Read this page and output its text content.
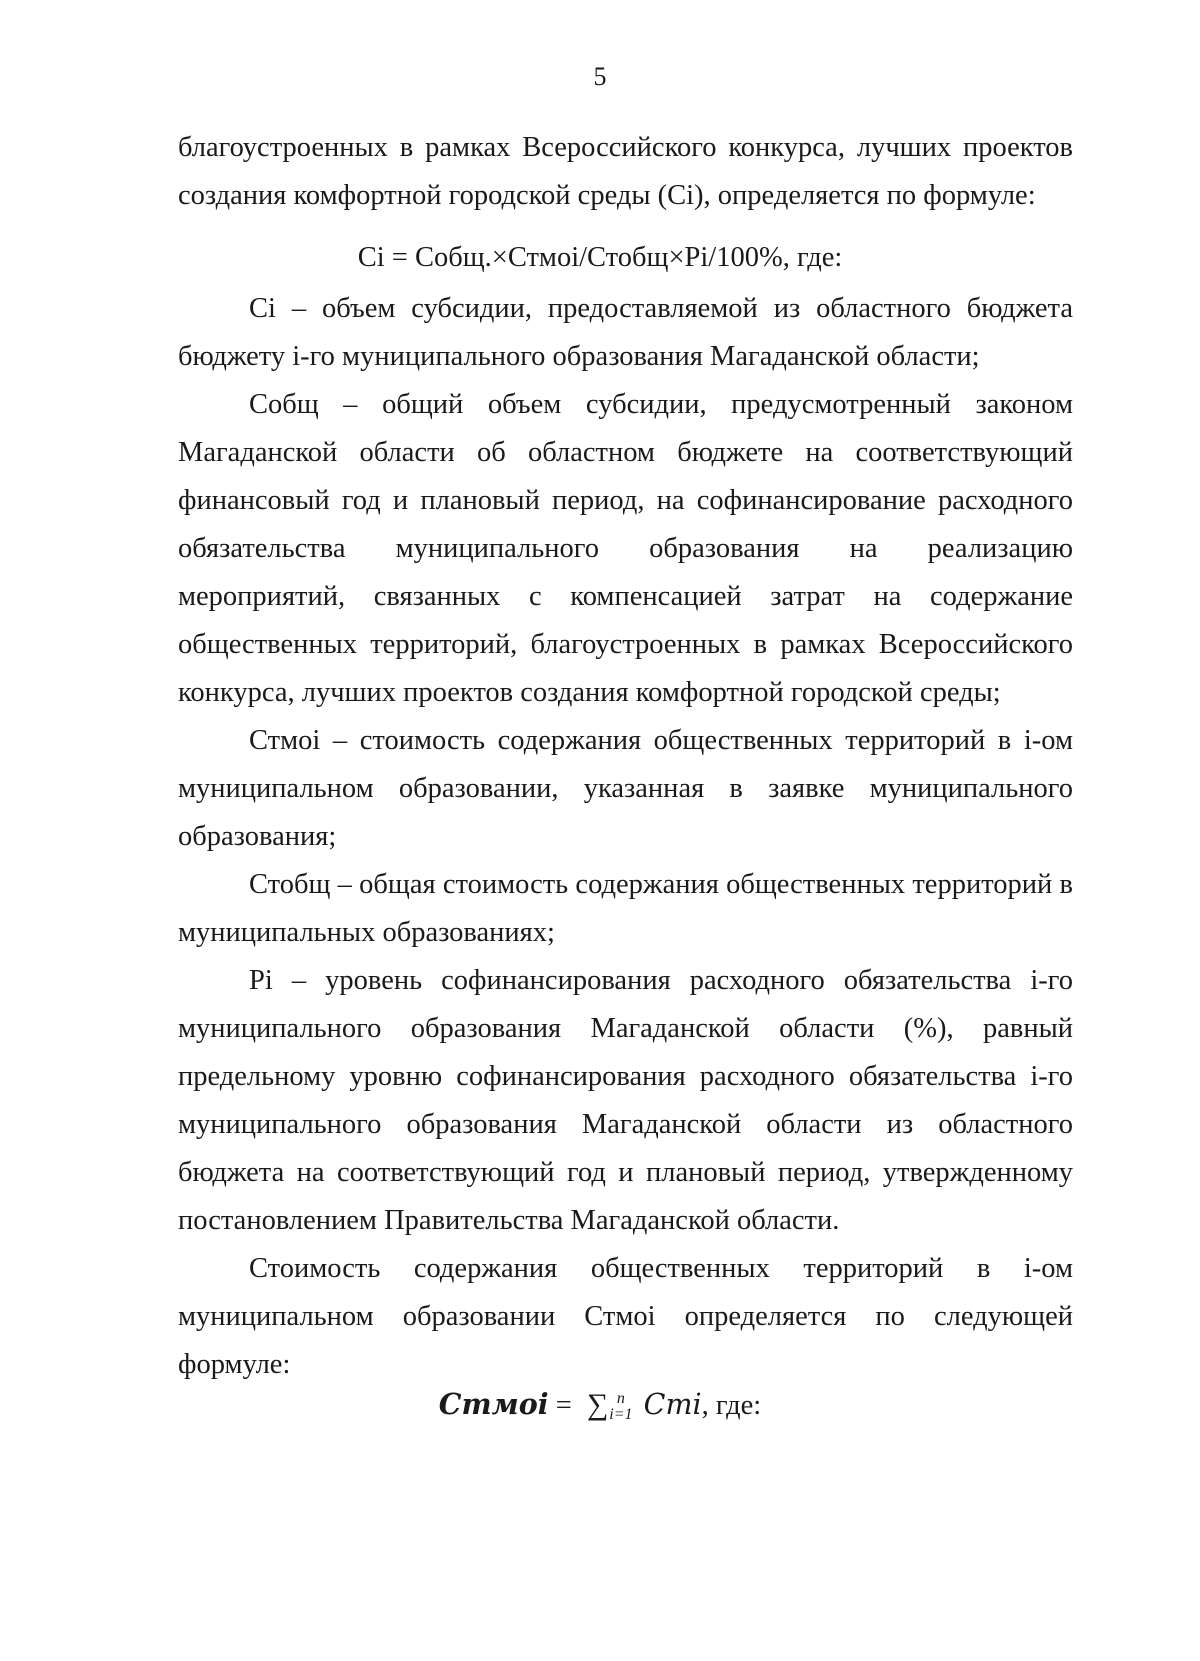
5

благоустроенных в рамках Всероссийского конкурса, лучших проектов

создания комфортной городской среды (Ci), определяется по формуле:

Ci = Собщ.×Стмоi/Стобщ×Pi/100%, где:

Ci – объем субсидии, предоставляемой из областного бюджета бюджету i-го муниципального образования Магаданской области;

Собщ – общий объем субсидии, предусмотренный законом Магаданской области об областном бюджете на соответствующий финансовый год и плановый период, на софинансирование расходного обязательства муниципального образования на реализацию мероприятий, связанных с компенсацией затрат на содержание общественных территорий, благоустроенных в рамках Всероссийского конкурса, лучших проектов создания комфортной городской среды;

Стмоi – стоимость содержания общественных территорий в i-ом муниципальном образовании, указанная в заявке муниципального образования;

Стобщ – общая стоимость содержания общественных территорий в муниципальных образованиях;

Pi – уровень софинансирования расходного обязательства i-го муниципального образования Магаданской области (%), равный предельному уровню софинансирования расходного обязательства i-го муниципального образования Магаданской области из областного бюджета на соответствующий год и плановый период, утвержденному постановлением Правительства Магаданской области.

Стоимость содержания общественных территорий в i-ом муниципальном образовании Стмоi определяется по следующей формуле:

Стмоi = ∑ n
i=1 Стi, где:
